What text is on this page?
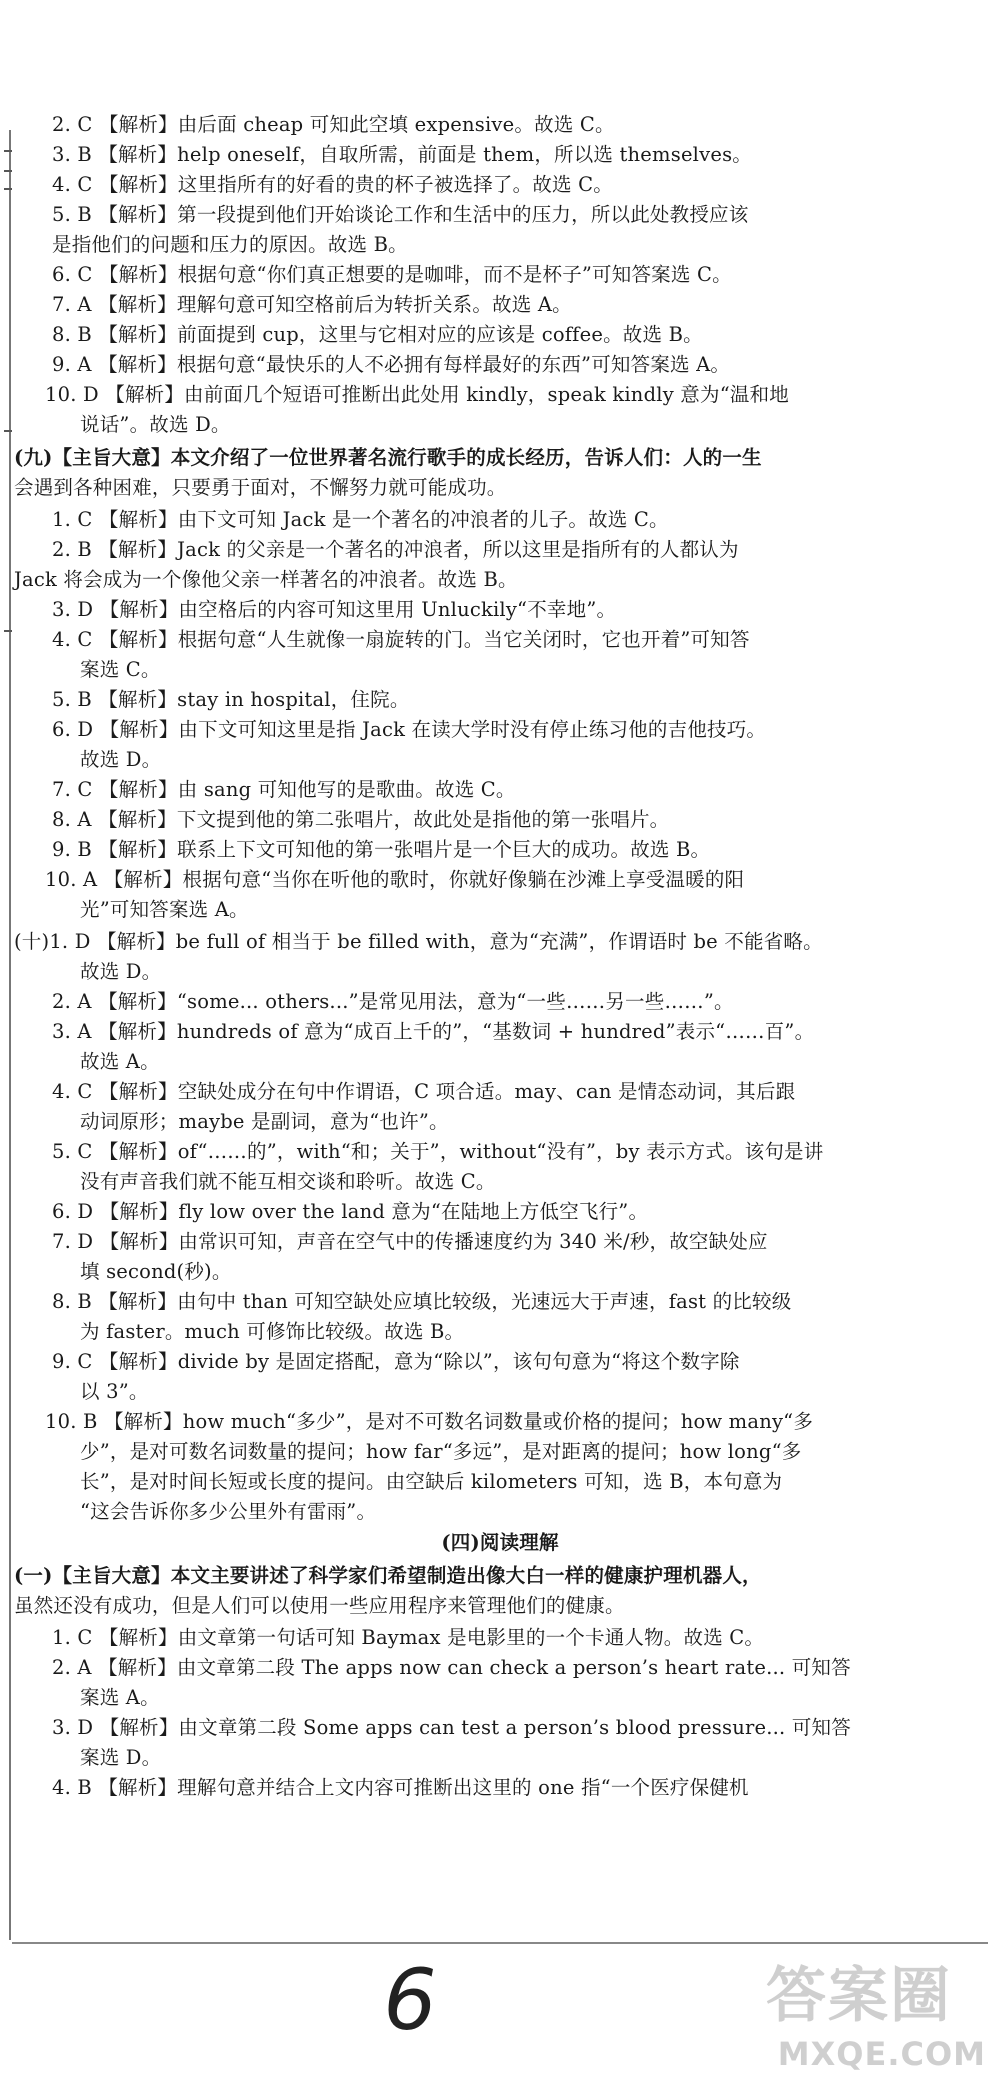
2. C 【解析】由后面 cheap 可知此空填 expensive。故选 C。
3. B 【解析】help oneself，自取所需，前面是 them，所以选 themselves。
4. C 【解析】这里指所有的好看的贵的杯子被选择了。故选 C。
5. B 【解析】第一段提到他们开始谈论工作和生活中的压力，所以此处教授应该
是指他们的问题和压力的原因。故选 B。
6. C 【解析】根据句意“你们真正想要的是咖啡，而不是杯子”可知答案选 C。
7. A 【解析】理解句意可知空格前后为转折关系。故选 A。
8. B 【解析】前面提到 cup，这里与它相对应的应该是 coffee。故选 B。
9. A 【解析】根据句意“最快乐的人不必拥有每样最好的东西”可知答案选 A。
10. D 【解析】由前面几个短语可推断出此处用 kindly，speak kindly 意为“温和地
说话”。故选 D。
(九)【主旨大意】本文介绍了一位世界著名流行歌手的成长经历，告诉人们：人的一生
会遇到各种困难，只要勇于面对，不懈努力就可能成功。
1. C 【解析】由下文可知 Jack 是一个著名的冲浪者的儿子。故选 C。
2. B 【解析】Jack 的父亲是一个著名的冲浪者，所以这里是指所有的人都认为
Jack 将会成为一个像他父亲一样著名的冲浪者。故选 B。
3. D 【解析】由空格后的内容可知这里用 Unluckily“不幸地”。
4. C 【解析】根据句意“人生就像一扇旋转的门。当它关闭时，它也开着”可知答
案选 C。
5. B 【解析】stay in hospital，住院。
6. D 【解析】由下文可知这里是指 Jack 在读大学时没有停止练习他的吉他技巧。
故选 D。
7. C 【解析】由 sang 可知他写的是歌曲。故选 C。
8. A 【解析】下文提到他的第二张唱片，故此处是指他的第一张唱片。
9. B 【解析】联系上下文可知他的第一张唱片是一个巨大的成功。故选 B。
10. A 【解析】根据句意“当你在听他的歌时，你就好像躺在沙滩上享受温暖的阳
光”可知答案选 A。
(十)1. D 【解析】be full of 相当于 be filled with，意为“充满”，作谓语时 be 不能省略。
故选 D。
2. A 【解析】“some... others...”是常见用法，意为“一些……另一些……”。
3. A 【解析】hundreds of 意为“成百上千的”，“基数词 + hundred”表示“……百”。
故选 A。
4. C 【解析】空缺处成分在句中作谓语，C 项合适。may、can 是情态动词，其后跟
动词原形；maybe 是副词，意为“也许”。
5. C 【解析】of“……的”，with“和；关于”，without“没有”，by 表示方式。该句是讲
没有声音我们就不能互相交谈和聆听。故选 C。
6. D 【解析】fly low over the land 意为“在陆地上方低空飞行”。
7. D 【解析】由常识可知，声音在空气中的传播速度约为 340 米/秒，故空缺处应
填 second(秒)。
8. B 【解析】由句中 than 可知空缺处应填比较级，光速远大于声速，fast 的比较级
为 faster。much 可修饰比较级。故选 B。
9. C 【解析】divide by 是固定搭配，意为“除以”，该句句意为“将这个数字除
以 3”。
10. B 【解析】how much“多少”，是对不可数名词数量或价格的提问；how many“多
少”，是对可数名词数量的提问；how far“多远”，是对距离的提问；how long“多
长”，是对时间长短或长度的提问。由空缺后 kilometers 可知，选 B，本句意为
“这会告诉你多少公里外有雷雨”。
(四)阅读理解
(一)【主旨大意】本文主要讲述了科学家们希望制造出像大白一样的健康护理机器人，
虽然还没有成功，但是人们可以使用一些应用程序来管理他们的健康。
1. C 【解析】由文章第一句话可知 Baymax 是电影里的一个卡通人物。故选 C。
2. A 【解析】由文章第二段 The apps now can check a person’s heart rate... 可知答
案选 A。
3. D 【解析】由文章第二段 Some apps can test a person’s blood pressure... 可知答
案选 D。
4. B 【解析】理解句意并结合上文内容可推断出这里的 one 指“一个医疗保健机
6	答案圈
MXQE.COM
